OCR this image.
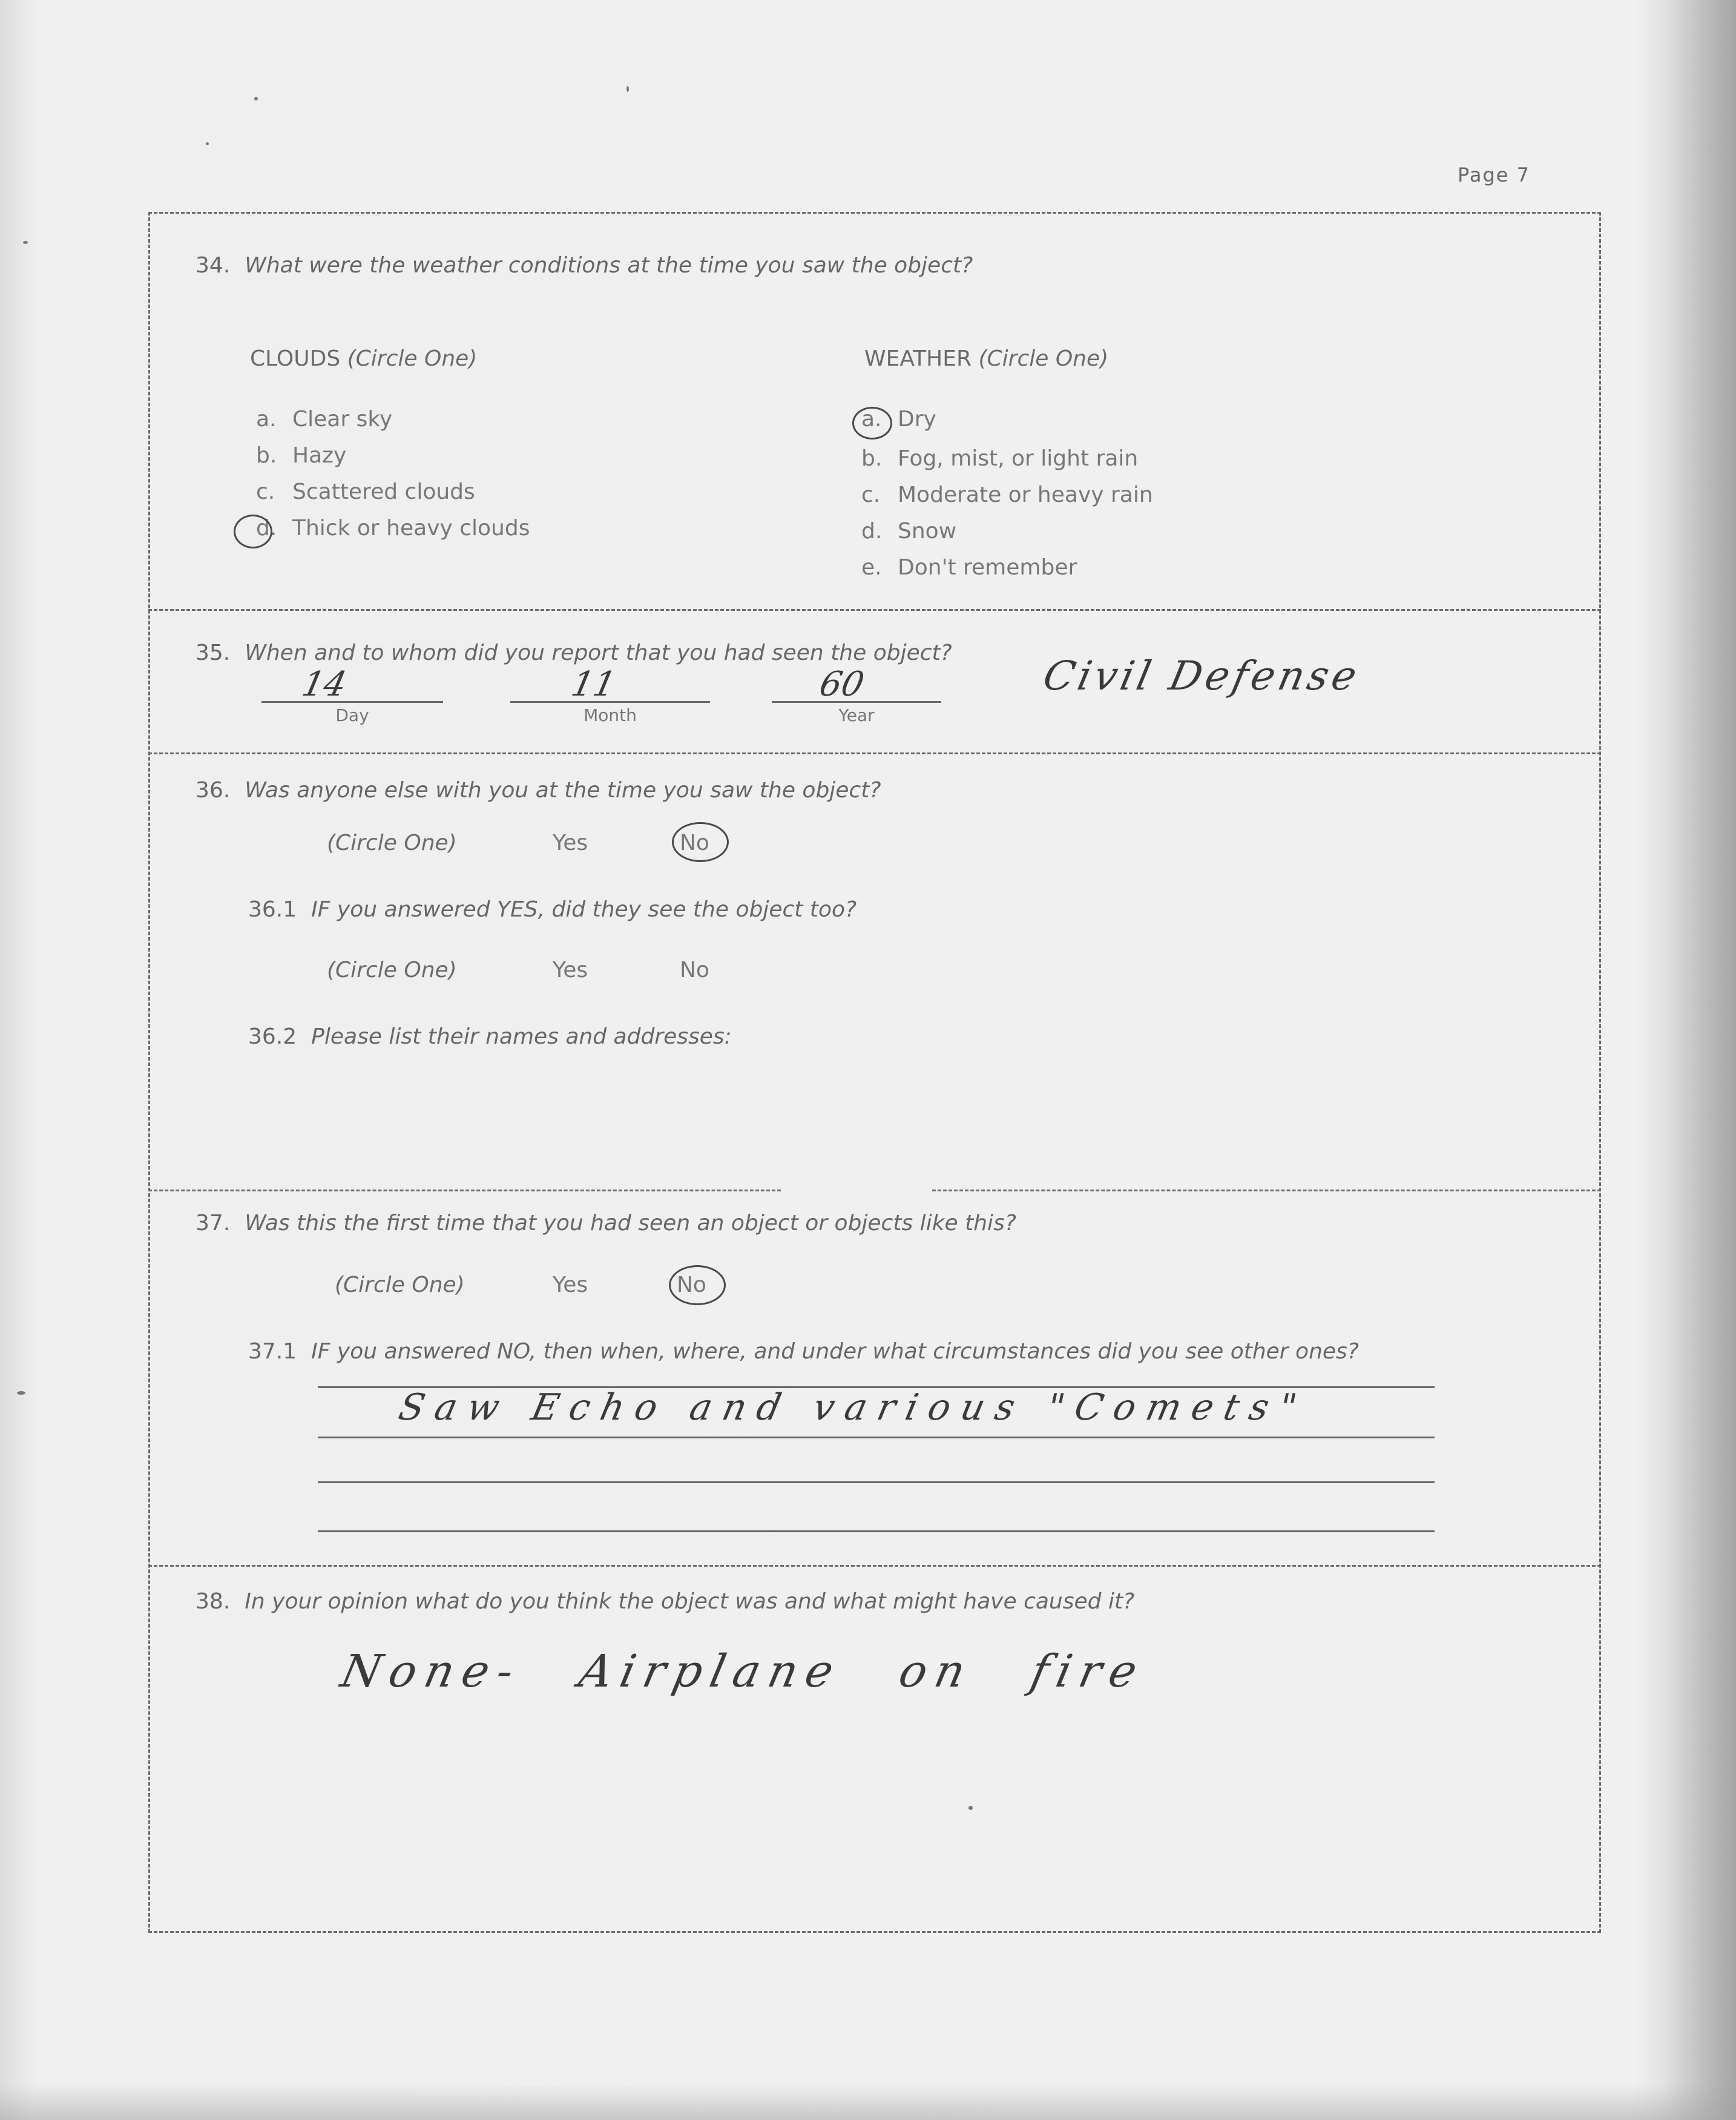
Page 7
34. What were the weather conditions at the time you saw the object?
CLOUDS (Circle One)	WEATHER (Circle One)
a. Clear sky
b. Hazy
c. Scattered clouds
d. Thick or heavy clouds
a. Dry
b. Fog, mist, or light rain
c. Moderate or heavy rain
d. Snow
e. Don't remember
35. When and to whom did you report that you had seen the object?
14
Day
11
Month
60
Year
Civil Defense
36. Was anyone else with you at the time you saw the object?
(Circle One)	Yes	No
36.1 IF you answered YES, did they see the object too?
(Circle One)	Yes	No
36.2 Please list their names and addresses:
37. Was this the first time that you had seen an object or objects like this?
(Circle One)	Yes	No
37.1 IF you answered NO, then when, where, and under what circumstances did you see other ones?
Saw Echo and various "Comets"
38. In your opinion what do you think the object was and what might have caused it?
None- Airplane on fire
